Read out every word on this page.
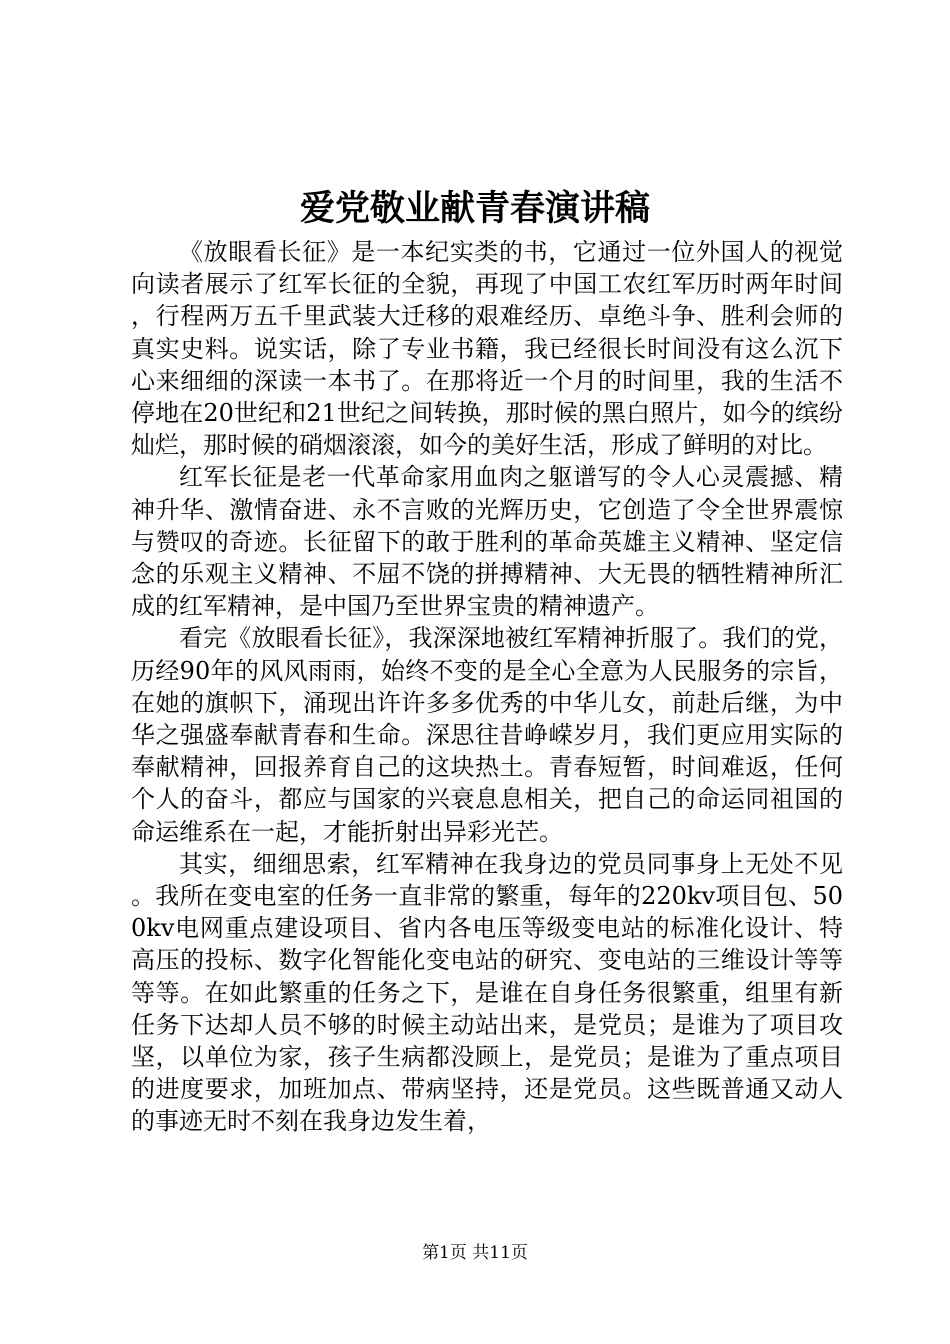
爱党敬业献青春演讲稿

《放眼看长征》是一本纪实类的书，它通过一位外国人的视觉向读者展示了红军长征的全貌，再现了中国工农红军历时两年时间，行程两万五千里武装大迁移的艰难经历、卓绝斗争、胜利会师的真实史料。说实话，除了专业书籍，我已经很长时间没有这么沉下心来细细的深读一本书了。在那将近一个月的时间里，我的生活不停地在20世纪和21世纪之间转换，那时候的黑白照片，如今的缤纷灿烂，那时候的硝烟滚滚，如今的美好生活，形成了鲜明的对比。

红军长征是老一代革命家用血肉之躯谱写的令人心灵震撼、精神升华、激情奋进、永不言败的光辉历史，它创造了令全世界震惊与赞叹的奇迹。长征留下的敢于胜利的革命英雄主义精神、坚定信念的乐观主义精神、不屈不饶的拼搏精神、大无畏的牺牲精神所汇成的红军精神，是中国乃至世界宝贵的精神遗产。

看完《放眼看长征》，我深深地被红军精神折服了。我们的党，历经90年的风风雨雨，始终不变的是全心全意为人民服务的宗旨，在她的旗帜下，涌现出许许多多优秀的中华儿女，前赴后继，为中华之强盛奉献青春和生命。深思往昔峥嵘岁月，我们更应用实际的奉献精神，回报养育自己的这块热土。青春短暂，时间难返，任何个人的奋斗，都应与国家的兴衰息息相关，把自己的命运同祖国的命运维系在一起，才能折射出异彩光芒。

其实，细细思索，红军精神在我身边的党员同事身上无处不见。我所在变电室的任务一直非常的繁重，每年的220kv项目包、500kv电网重点建设项目、省内各电压等级变电站的标准化设计、特高压的投标、数字化智能化变电站的研究、变电站的三维设计等等等等。在如此繁重的任务之下，是谁在自身任务很繁重，组里有新任务下达却人员不够的时候主动站出来，是党员；是谁为了项目攻坚，以单位为家，孩子生病都没顾上，是党员；是谁为了重点项目的进度要求，加班加点、带病坚持，还是党员。这些既普通又动人的事迹无时不刻在我身边发生着，

第1页 共11页
